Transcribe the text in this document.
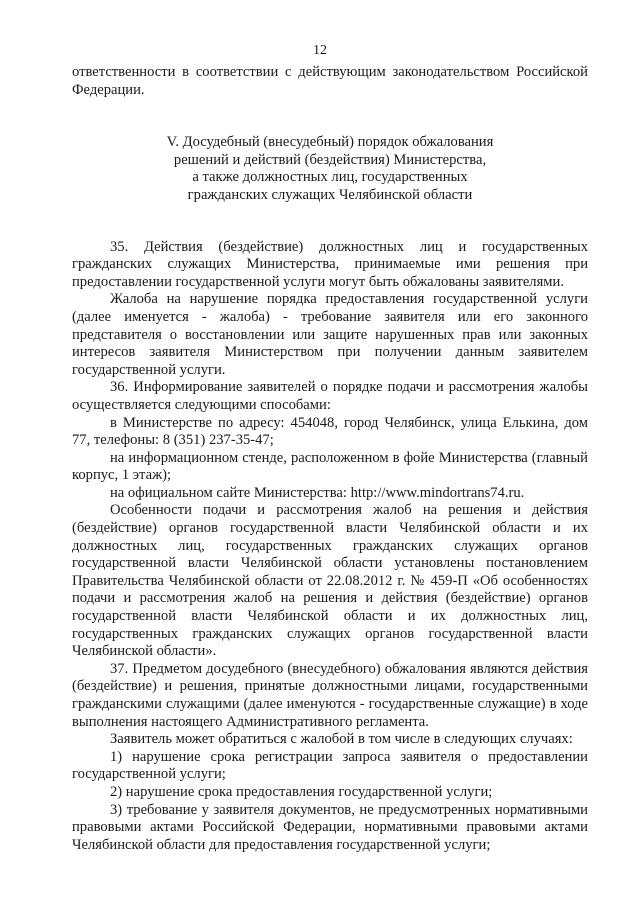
12

ответственности в соответствии с действующим законодательством Российской Федерации.

V. Досудебный (внесудебный) порядок обжалования
решений и действий (бездействия) Министерства,
а также должностных лиц, государственных
гражданских служащих Челябинской области

35. Действия (бездействие) должностных лиц и государственных гражданских служащих Министерства, принимаемые ими решения при предоставлении государственной услуги могут быть обжалованы заявителями.

Жалоба на нарушение порядка предоставления государственной услуги (далее именуется - жалоба) - требование заявителя или его законного представителя о восстановлении или защите нарушенных прав или законных интересов заявителя Министерством при получении данным заявителем государственной услуги.

36. Информирование заявителей о порядке подачи и рассмотрения жалобы осуществляется следующими способами:

в Министерстве по адресу: 454048, город Челябинск, улица Елькина, дом 77, телефоны: 8 (351) 237-35-47;

на информационном стенде, расположенном в фойе Министерства (главный корпус, 1 этаж);

на официальном сайте Министерства: http://www.mindortrans74.ru.

Особенности подачи и рассмотрения жалоб на решения и действия (бездействие) органов государственной власти Челябинской области и их должностных лиц, государственных гражданских служащих органов государственной власти Челябинской области установлены постановлением Правительства Челябинской области от 22.08.2012 г. № 459-П «Об особенностях подачи и рассмотрения жалоб на решения и действия (бездействие) органов государственной власти Челябинской области и их должностных лиц, государственных гражданских служащих органов государственной власти Челябинской области».

37. Предметом досудебного (внесудебного) обжалования являются действия (бездействие) и решения, принятые должностными лицами, государственными гражданскими служащими (далее именуются - государственные служащие) в ходе выполнения настоящего Административного регламента.

Заявитель может обратиться с жалобой в том числе в следующих случаях:

1) нарушение срока регистрации запроса заявителя о предоставлении государственной услуги;

2) нарушение срока предоставления государственной услуги;

3) требование у заявителя документов, не предусмотренных нормативными правовыми актами Российской Федерации, нормативными правовыми актами Челябинской области для предоставления государственной услуги;
